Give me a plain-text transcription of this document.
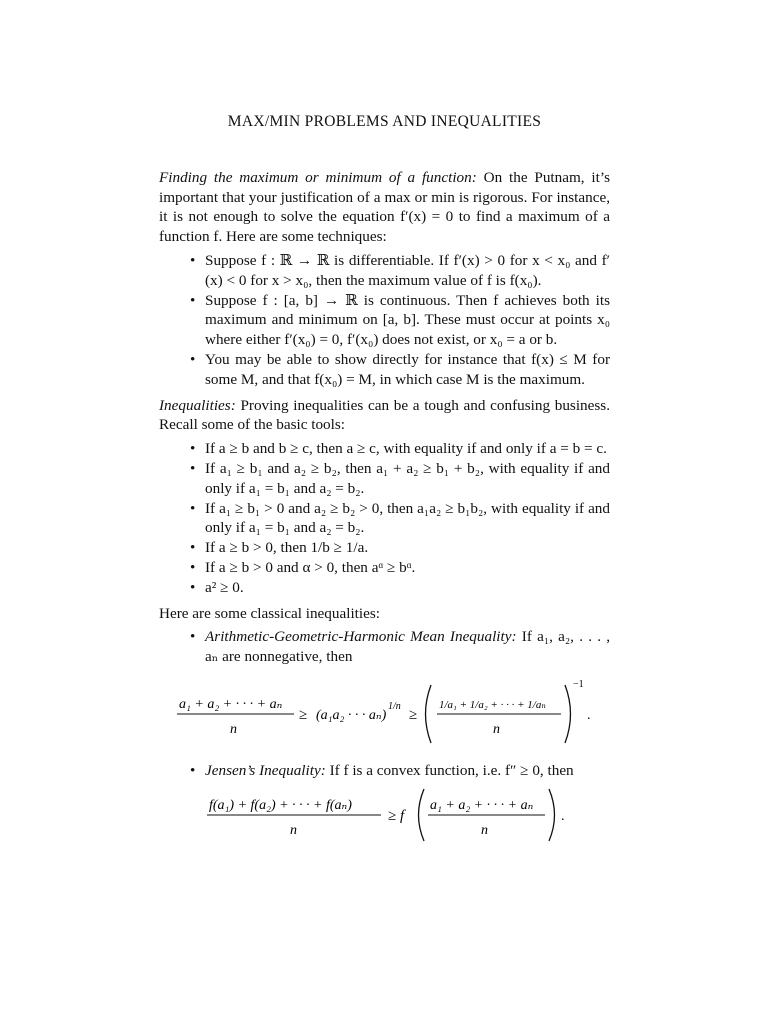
MAX/MIN PROBLEMS AND INEQUALITIES

Finding the maximum or minimum of a function: On the Putnam, it’s important that your justification of a max or min is rigorous. For instance, it is not enough to solve the equation f′(x) = 0 to find a maximum of a function f. Here are some techniques:

• Suppose f : ℝ → ℝ is differentiable. If f′(x) > 0 for x < x₀ and f′(x) < 0 for x > x₀, then the maximum value of f is f(x₀).
• Suppose f : [a, b] → ℝ is continuous. Then f achieves both its maximum and minimum on [a, b]. These must occur at points x₀ where either f′(x₀) = 0, f′(x₀) does not exist, or x₀ = a or b.
• You may be able to show directly for instance that f(x) ≤ M for some M, and that f(x₀) = M, in which case M is the maximum.

Inequalities: Proving inequalities can be a tough and confusing business. Recall some of the basic tools:

• If a ≥ b and b ≥ c, then a ≥ c, with equality if and only if a = b = c.
• If a₁ ≥ b₁ and a₂ ≥ b₂, then a₁ + a₂ ≥ b₁ + b₂, with equality if and only if a₁ = b₁ and a₂ = b₂.
• If a₁ ≥ b₁ > 0 and a₂ ≥ b₂ > 0, then a₁a₂ ≥ b₁b₂, with equality if and only if a₁ = b₁ and a₂ = b₂.
• If a ≥ b > 0, then 1/b ≥ 1/a.
• If a ≥ b > 0 and α > 0, then aᵅ ≥ bᵅ.
• a² ≥ 0.

Here are some classical inequalities:

• Arithmetic-Geometric-Harmonic Mean Inequality: If a₁, a₂, . . . , aₙ are nonnegative, then
a₁ + a₂ + · · · + aₙ
n
≥ (a₁a₂ · · · aₙ)
1/n
≥
1/a₁ + 1/a₂ + · · · + 1/aₙ
n
−1
.
• Jensen’s Inequality: If f is a convex function, i.e. f″ ≥ 0, then
f(a₁) + f(a₂) + · · · + f(aₙ)
n
≥ f
a₁ + a₂ + · · · + aₙ
n
.
